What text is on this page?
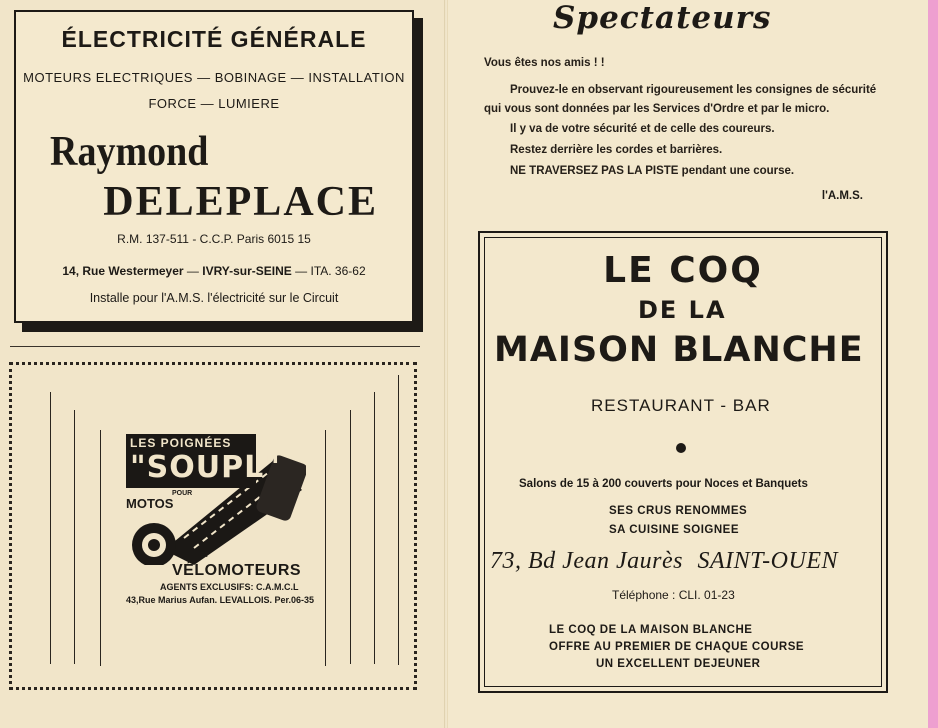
ÉLECTRICITÉ GÉNÉRALE
MOTEURS ELECTRIQUES — BOBINAGE — INSTALLATION
FORCE — LUMIERE
Raymond
DELEPLACE
R.M. 137-511 - C.C.P. Paris 6015 15
14, Rue Westermeyer — IVRY-sur-SEINE — ITA. 36-62
Installe pour l'A.M.S. l'électricité sur le Circuit
LES POIGNÉES
"SOUPL"
POUR
MOTOS
ET
VÉLOMOTEURS
AGENTS EXCLUSIFS: C.A.M.C.L
43,Rue Marius Aufan. LEVALLOIS. Per.06-35
Spectateurs
Vous êtes nos amis ! !
Prouvez-le en observant rigoureusement les consignes de sécurité
qui vous sont données par les Services d'Ordre et par le micro.
Il y va de votre sécurité et de celle des coureurs.
Restez derrière les cordes et barrières.
NE TRAVERSEZ PAS LA PISTE pendant une course.
l'A.M.S.
LE COQ
DE LA
MAISON BLANCHE
RESTAURANT - BAR
Salons de 15 à 200 couverts pour Noces et Banquets
SES CRUS RENOMMES
SA CUISINE SOIGNEE
73, Bd Jean Jaurès SAINT-OUEN
Téléphone : CLI. 01-23
LE COQ DE LA MAISON BLANCHE
OFFRE AU PREMIER DE CHAQUE COURSE
UN EXCELLENT DEJEUNER
